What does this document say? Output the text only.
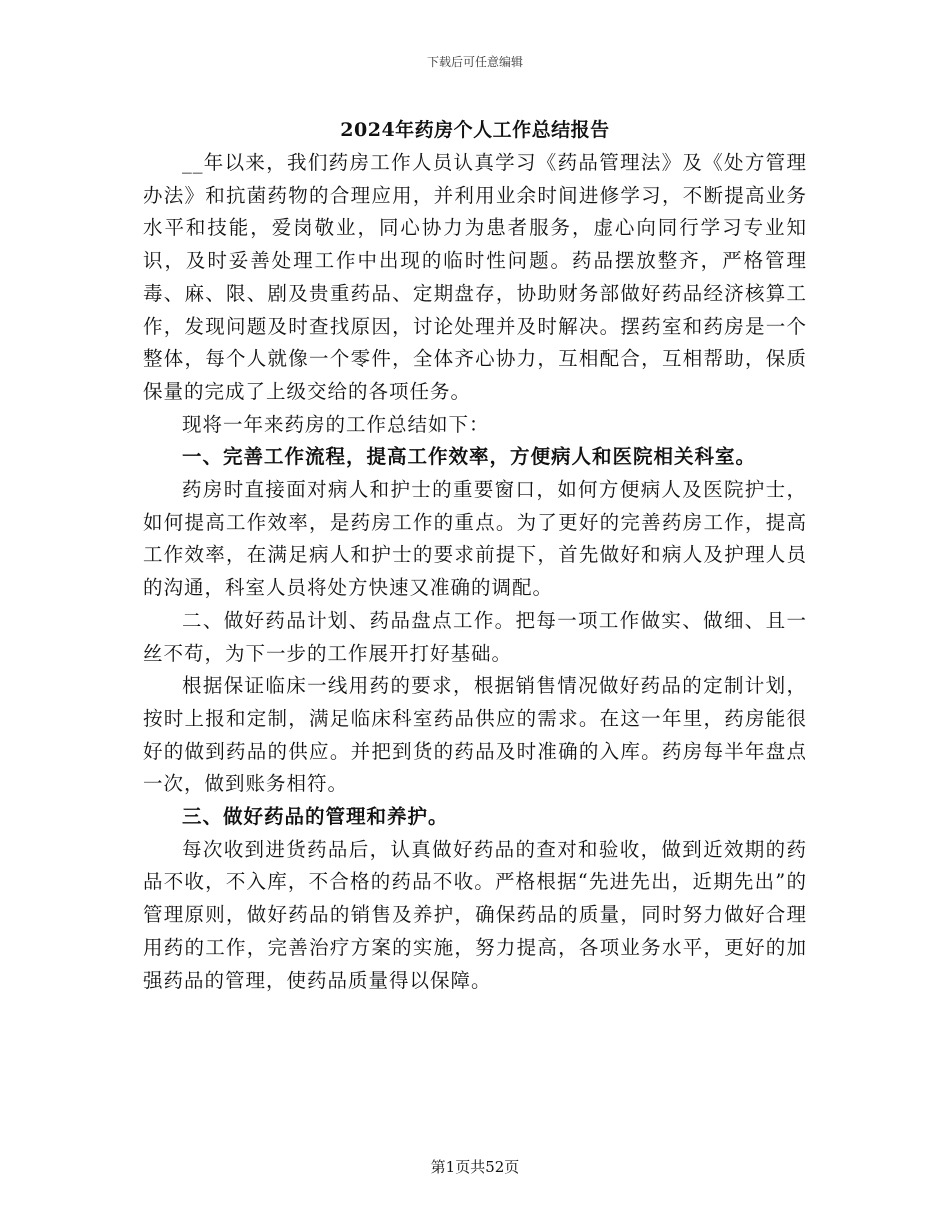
下载后可任意编辑
2024年药房个人工作总结报告

__年以来，我们药房工作人员认真学习《药品管理法》及《处方管理办法》和抗菌药物的合理应用，并利用业余时间进修学习，不断提高业务水平和技能，爱岗敬业，同心协力为患者服务，虚心向同行学习专业知识，及时妥善处理工作中出现的临时性问题。药品摆放整齐，严格管理毒、麻、限、剧及贵重药品、定期盘存，协助财务部做好药品经济核算工作，发现问题及时查找原因，讨论处理并及时解决。摆药室和药房是一个整体，每个人就像一个零件，全体齐心协力，互相配合，互相帮助，保质保量的完成了上级交给的各项任务。

现将一年来药房的工作总结如下：

一、完善工作流程，提高工作效率，方便病人和医院相关科室。

药房时直接面对病人和护士的重要窗口，如何方便病人及医院护士，如何提高工作效率，是药房工作的重点。为了更好的完善药房工作，提高工作效率，在满足病人和护士的要求前提下，首先做好和病人及护理人员的沟通，科室人员将处方快速又准确的调配。

二、做好药品计划、药品盘点工作。把每一项工作做实、做细、且一丝不苟，为下一步的工作展开打好基础。

根据保证临床一线用药的要求，根据销售情况做好药品的定制计划，按时上报和定制，满足临床科室药品供应的需求。在这一年里，药房能很好的做到药品的供应。并把到货的药品及时准确的入库。药房每半年盘点一次，做到账务相符。

三、做好药品的管理和养护。

每次收到进货药品后，认真做好药品的查对和验收，做到近效期的药品不收，不入库，不合格的药品不收。严格根据“先进先出，近期先出”的管理原则，做好药品的销售及养护，确保药品的质量，同时努力做好合理用药的工作，完善治疗方案的实施，努力提高，各项业务水平，更好的加强药品的管理，使药品质量得以保障。

第1页共52页
